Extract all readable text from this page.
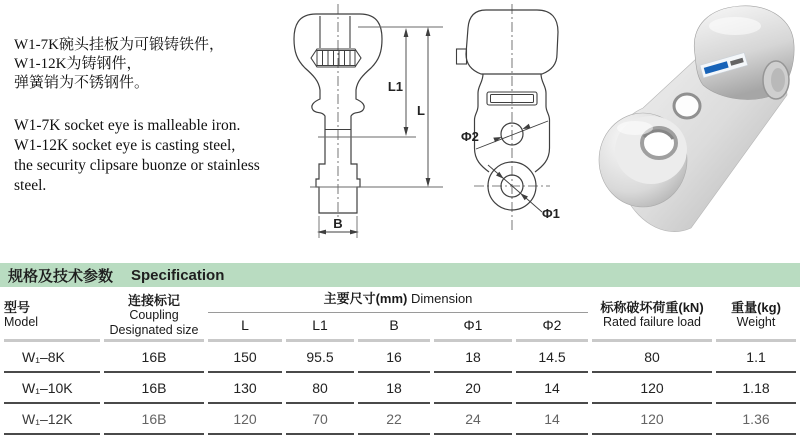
W1-7K碗头挂板为可锻铸铁件，

W1-12K为铸钢件，

弹簧销为不锈钢件。

W1-7K socket eye is malleable iron.

W1-12K socket eye is casting steel,

the security clipsare buonze or stainless steel.

L1
L
B
Φ2
Φ1
规格及技术参数 Specification
型号
Model

连接标记
Coupling
Designated size
	主要尺寸(mm) Dimension	
标称破坏荷重(kN)
Rated failure load

重量(kg)
Weight

		L	L1	B	Φ1	Φ2		
W₁–8K	16B	150	95.5	16	18	14.5	80	1.1
W₁–10K	16B	130	80	18	20	14	120	1.18
W₁–12K	16B	120	70	22	24	14	120	1.36
